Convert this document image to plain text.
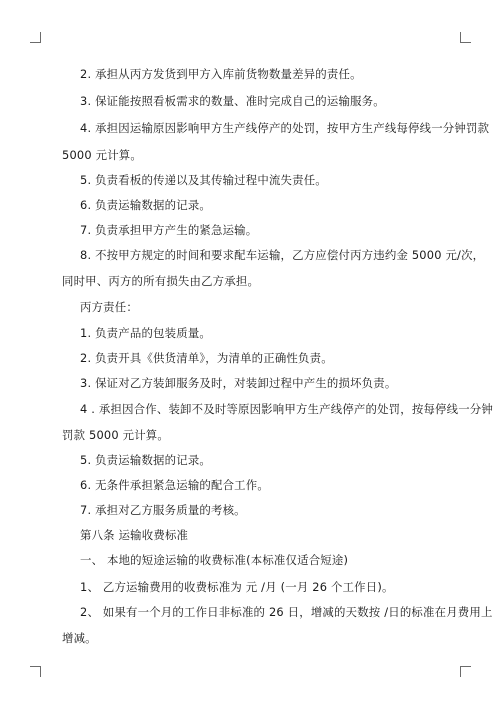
2. 承担从丙方发货到甲方入库前货物数量差异的责任。
3. 保证能按照看板需求的数量、准时完成自己的运输服务。
4. 承担因运输原因影响甲方生产线停产的处罚，按甲方生产线每停线一分钟罚款
5000 元计算。
5. 负责看板的传递以及其传输过程中流失责任。
6. 负责运输数据的记录。
7. 负责承担甲方产生的紧急运输。
8. 不按甲方规定的时间和要求配车运输，乙方应偿付丙方违约金 5000 元/次，
同时甲、丙方的所有损失由乙方承担。
丙方责任：
1. 负责产品的包装质量。
2. 负责开具《供货清单》，为清单的正确性负责。
3. 保证对乙方装卸服务及时，对装卸过程中产生的损坏负责。
4 . 承担因合作、装卸不及时等原因影响甲方生产线停产的处罚，按每停线一分钟
罚款 5000 元计算。
5. 负责运输数据的记录。
6. 无条件承担紧急运输的配合工作。
7. 承担对乙方服务质量的考核。
第八条 运输收费标准
一、 本地的短途运输的收费标准(本标准仅适合短途)
1、 乙方运输费用的收费标准为 元 /月 (一月 26 个工作日)。
2、 如果有一个月的工作日非标准的 26 日，增减的天数按 /日的标准在月费用上
增减。
